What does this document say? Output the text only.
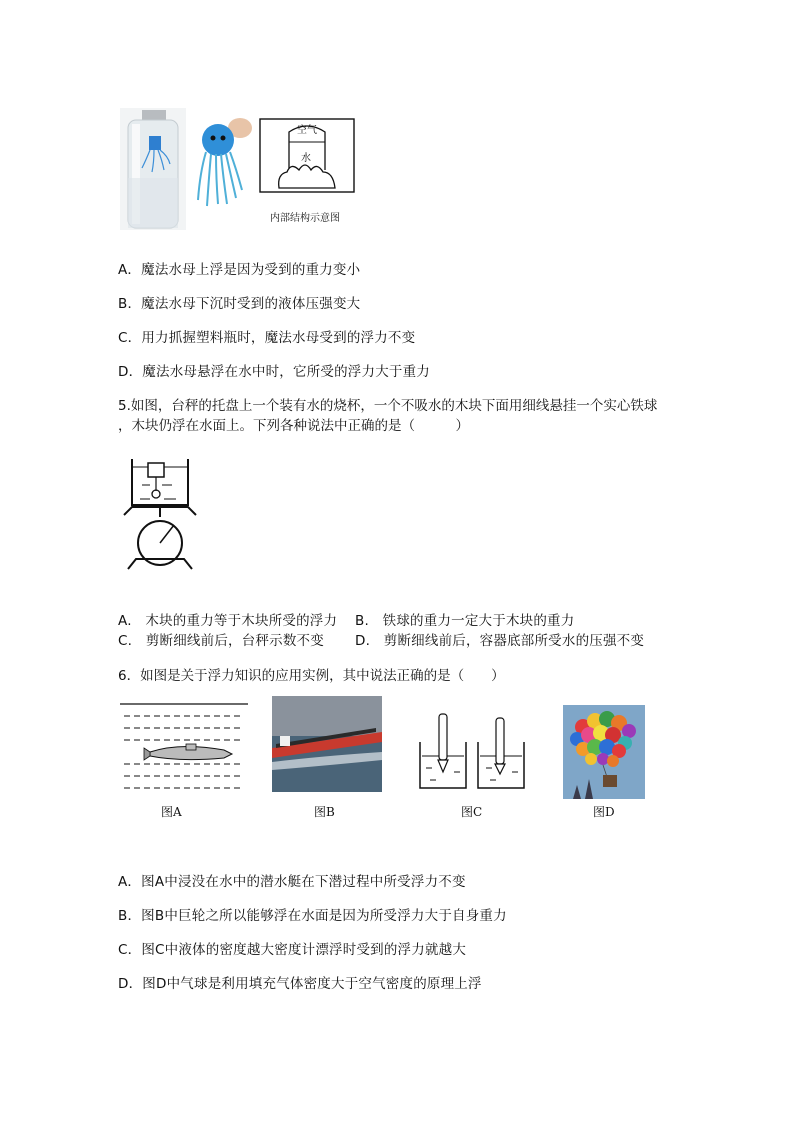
空气
水
内部结构示意图
A．魔法水母上浮是因为受到的重力变小
B．魔法水母下沉时受到的液体压强变大
C．用力抓握塑料瓶时，魔法水母受到的浮力不变
D．魔法水母悬浮在水中时，它所受的浮力大于重力
5.如图，台秤的托盘上一个装有水的烧杯，一个不吸水的木块下面用细线悬挂一个实心铁球
，木块仍浮在水面上。下列各种说法中正确的是（　　　）
A.　木块的重力等于木块所受的浮力 B.　铁球的重力一定大于木块的重力
C.　剪断细线前后，台秤示数不变 D.　剪断细线前后，容器底部所受水的压强不变
6．如图是关于浮力知识的应用实例，其中说法正确的是（　　）
图A	图B	图C	图D
A．图A中浸没在水中的潜水艇在下潜过程中所受浮力不变
B．图B中巨轮之所以能够浮在水面是因为所受浮力大于自身重力
C．图C中液体的密度越大密度计漂浮时受到的浮力就越大
D．图D中气球是利用填充气体密度大于空气密度的原理上浮
